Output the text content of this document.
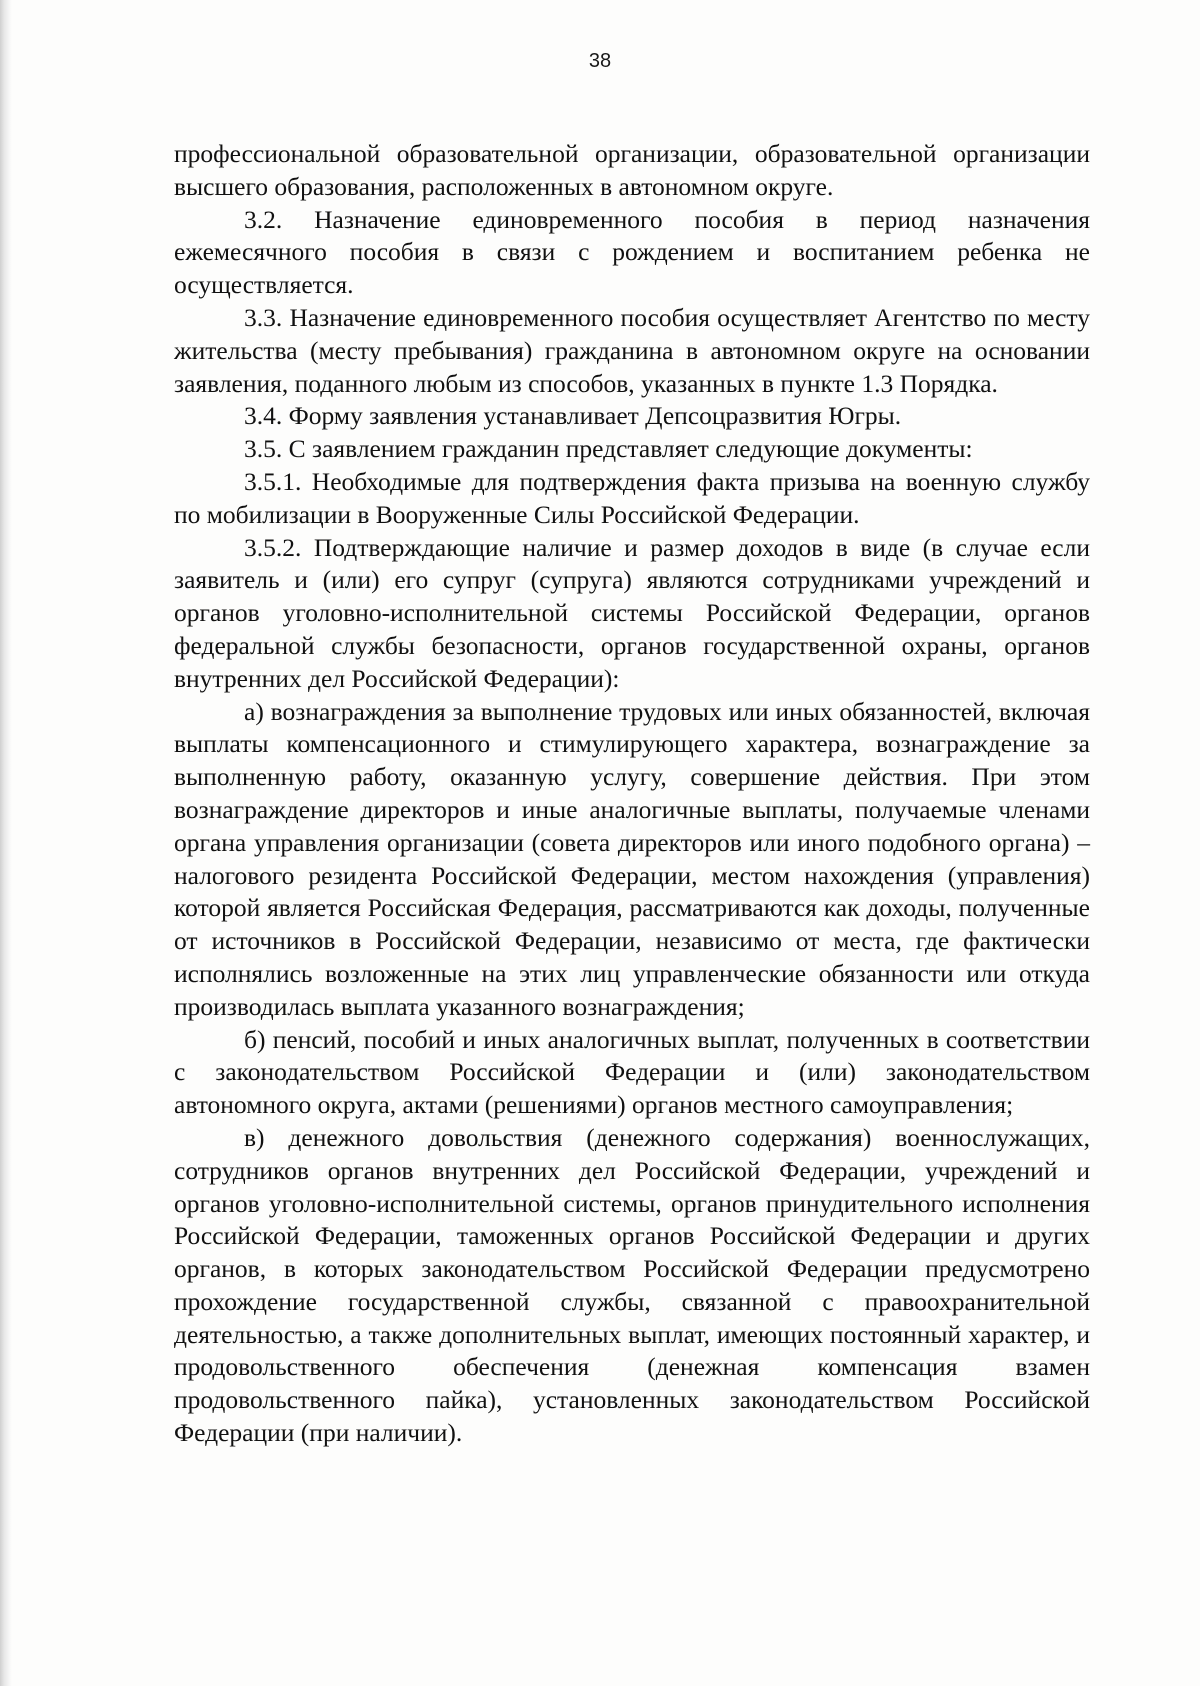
38

профессиональной образовательной организации, образовательной организации высшего образования, расположенных в автономном округе.

3.2. Назначение единовременного пособия в период назначения ежемесячного пособия в связи с рождением и воспитанием ребенка не осуществляется.

3.3. Назначение единовременного пособия осуществляет Агентство по месту жительства (месту пребывания) гражданина в автономном округе на основании заявления, поданного любым из способов, указанных в пункте 1.3 Порядка.

3.4. Форму заявления устанавливает Депсоцразвития Югры.

3.5. С заявлением гражданин представляет следующие документы:

3.5.1. Необходимые для подтверждения факта призыва на военную службу по мобилизации в Вооруженные Силы Российской Федерации.

3.5.2. Подтверждающие наличие и размер доходов в виде (в случае если заявитель и (или) его супруг (супруга) являются сотрудниками учреждений и органов уголовно-исполнительной системы Российской Федерации, органов федеральной службы безопасности, органов государственной охраны, органов внутренних дел Российской Федерации):

а) вознаграждения за выполнение трудовых или иных обязанностей, включая выплаты компенсационного и стимулирующего характера, вознаграждение за выполненную работу, оказанную услугу, совершение действия. При этом вознаграждение директоров и иные аналогичные выплаты, получаемые членами органа управления организации (совета директоров или иного подобного органа) – налогового резидента Российской Федерации, местом нахождения (управления) которой является Российская Федерация, рассматриваются как доходы, полученные от источников в Российской Федерации, независимо от места, где фактически исполнялись возложенные на этих лиц управленческие обязанности или откуда производилась выплата указанного вознаграждения;

б) пенсий, пособий и иных аналогичных выплат, полученных в соответствии с законодательством Российской Федерации и (или) законодательством автономного округа, актами (решениями) органов местного самоуправления;

в) денежного довольствия (денежного содержания) военнослужащих, сотрудников органов внутренних дел Российской Федерации, учреждений и органов уголовно-исполнительной системы, органов принудительного исполнения Российской Федерации, таможенных органов Российской Федерации и других органов, в которых законодательством Российской Федерации предусмотрено прохождение государственной службы, связанной с правоохранительной деятельностью, а также дополнительных выплат, имеющих постоянный характер, и продовольственного обеспечения (денежная компенсация взамен продовольственного пайка), установленных законодательством Российской Федерации (при наличии).
